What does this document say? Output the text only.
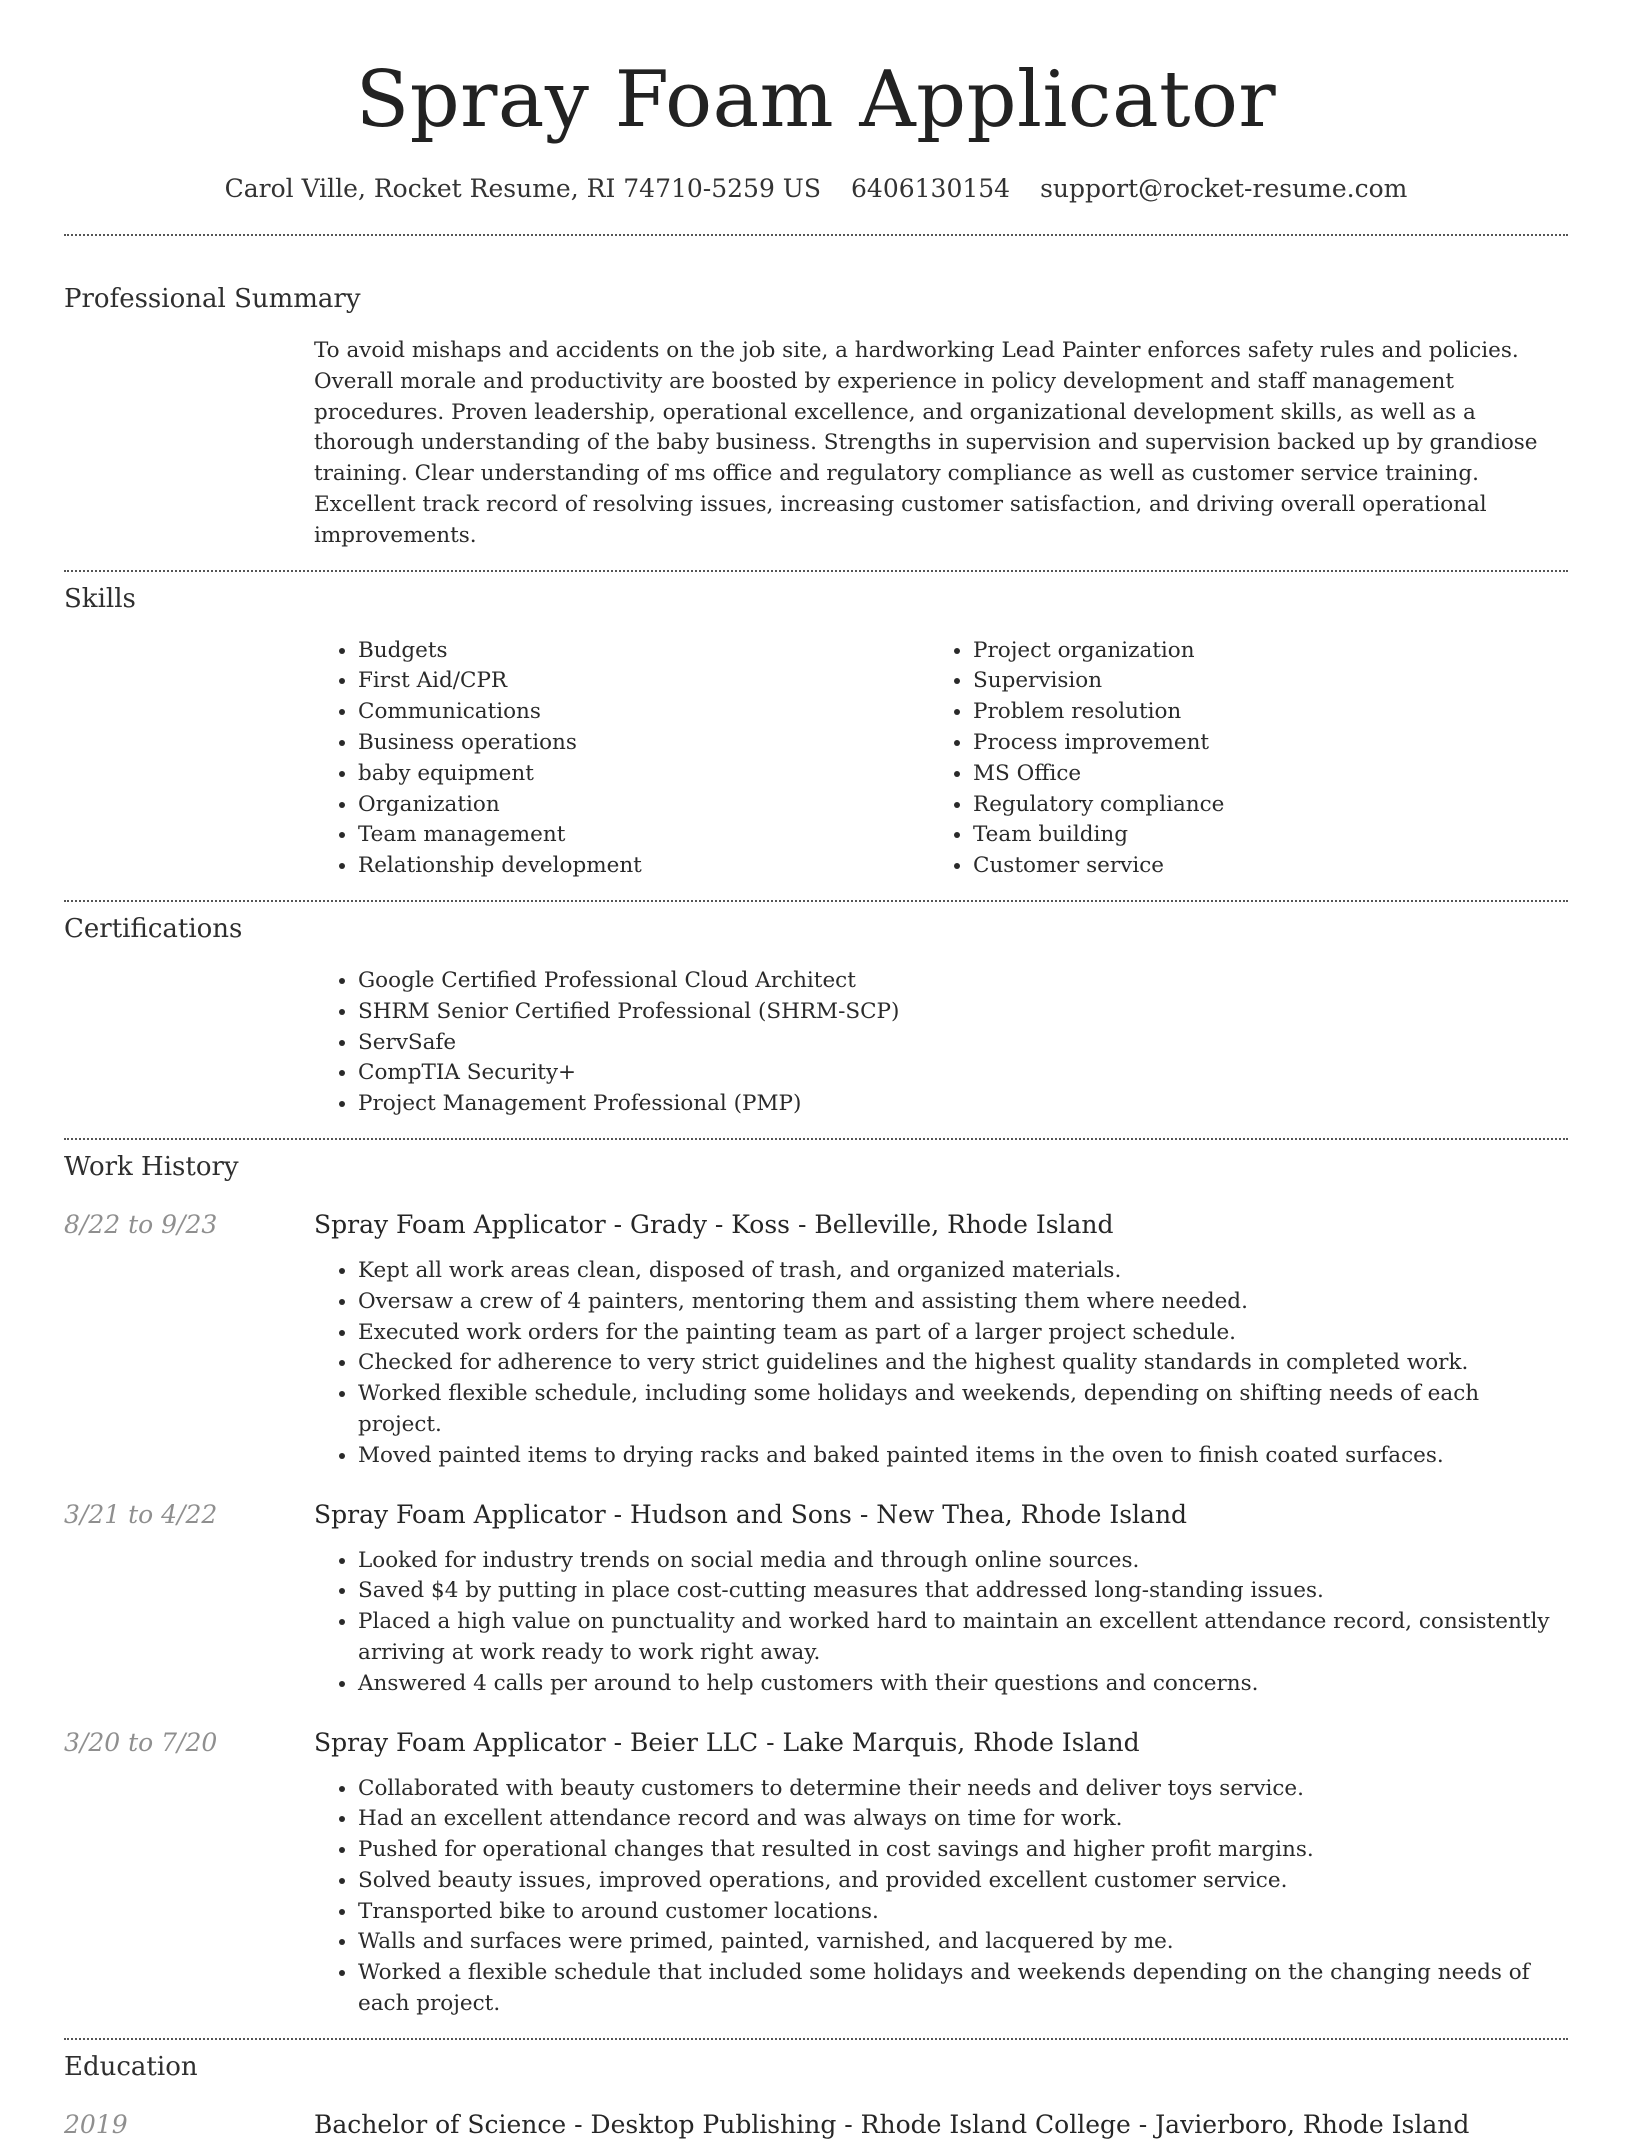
Spray Foam Applicator
Carol Ville, Rocket Resume, RI 74710-5259 US 6406130154 support@rocket-resume.com
Professional Summary
To avoid mishaps and accidents on the job site, a hardworking Lead Painter enforces safety rules and policies. Overall morale and productivity are boosted by experience in policy development and staff management procedures. Proven leadership, operational excellence, and organizational development skills, as well as a thorough understanding of the baby business. Strengths in supervision and supervision backed up by grandiose training. Clear understanding of ms office and regulatory compliance as well as customer service training. Excellent track record of resolving issues, increasing customer satisfaction, and driving overall operational improvements.
Skills
• Budgets
• First Aid/CPR
• Communications
• Business operations
• baby equipment
• Organization
• Team management
• Relationship development
• Project organization
• Supervision
• Problem resolution
• Process improvement
• MS Office
• Regulatory compliance
• Team building
• Customer service
Certifications
• Google Certified Professional Cloud Architect
• SHRM Senior Certified Professional (SHRM-SCP)
• ServSafe
• CompTIA Security+
• Project Management Professional (PMP)
Work History
8/22 to 9/23	Spray Foam Applicator - Grady - Koss - Belleville, Rhode Island
• Kept all work areas clean, disposed of trash, and organized materials.
• Oversaw a crew of 4 painters, mentoring them and assisting them where needed.
• Executed work orders for the painting team as part of a larger project schedule.
• Checked for adherence to very strict guidelines and the highest quality standards in completed work.
• Worked flexible schedule, including some holidays and weekends, depending on shifting needs of each project.
• Moved painted items to drying racks and baked painted items in the oven to finish coated surfaces.
3/21 to 4/22	Spray Foam Applicator - Hudson and Sons - New Thea, Rhode Island
• Looked for industry trends on social media and through online sources.
• Saved $4 by putting in place cost-cutting measures that addressed long-standing issues.
• Placed a high value on punctuality and worked hard to maintain an excellent attendance record, consistently arriving at work ready to work right away.
• Answered 4 calls per around to help customers with their questions and concerns.
3/20 to 7/20	Spray Foam Applicator - Beier LLC - Lake Marquis, Rhode Island
• Collaborated with beauty customers to determine their needs and deliver toys service.
• Had an excellent attendance record and was always on time for work.
• Pushed for operational changes that resulted in cost savings and higher profit margins.
• Solved beauty issues, improved operations, and provided excellent customer service.
• Transported bike to around customer locations.
• Walls and surfaces were primed, painted, varnished, and lacquered by me.
• Worked a flexible schedule that included some holidays and weekends depending on the changing needs of each project.
Education
2019	Bachelor of Science - Desktop Publishing - Rhode Island College - Javierboro, Rhode Island
